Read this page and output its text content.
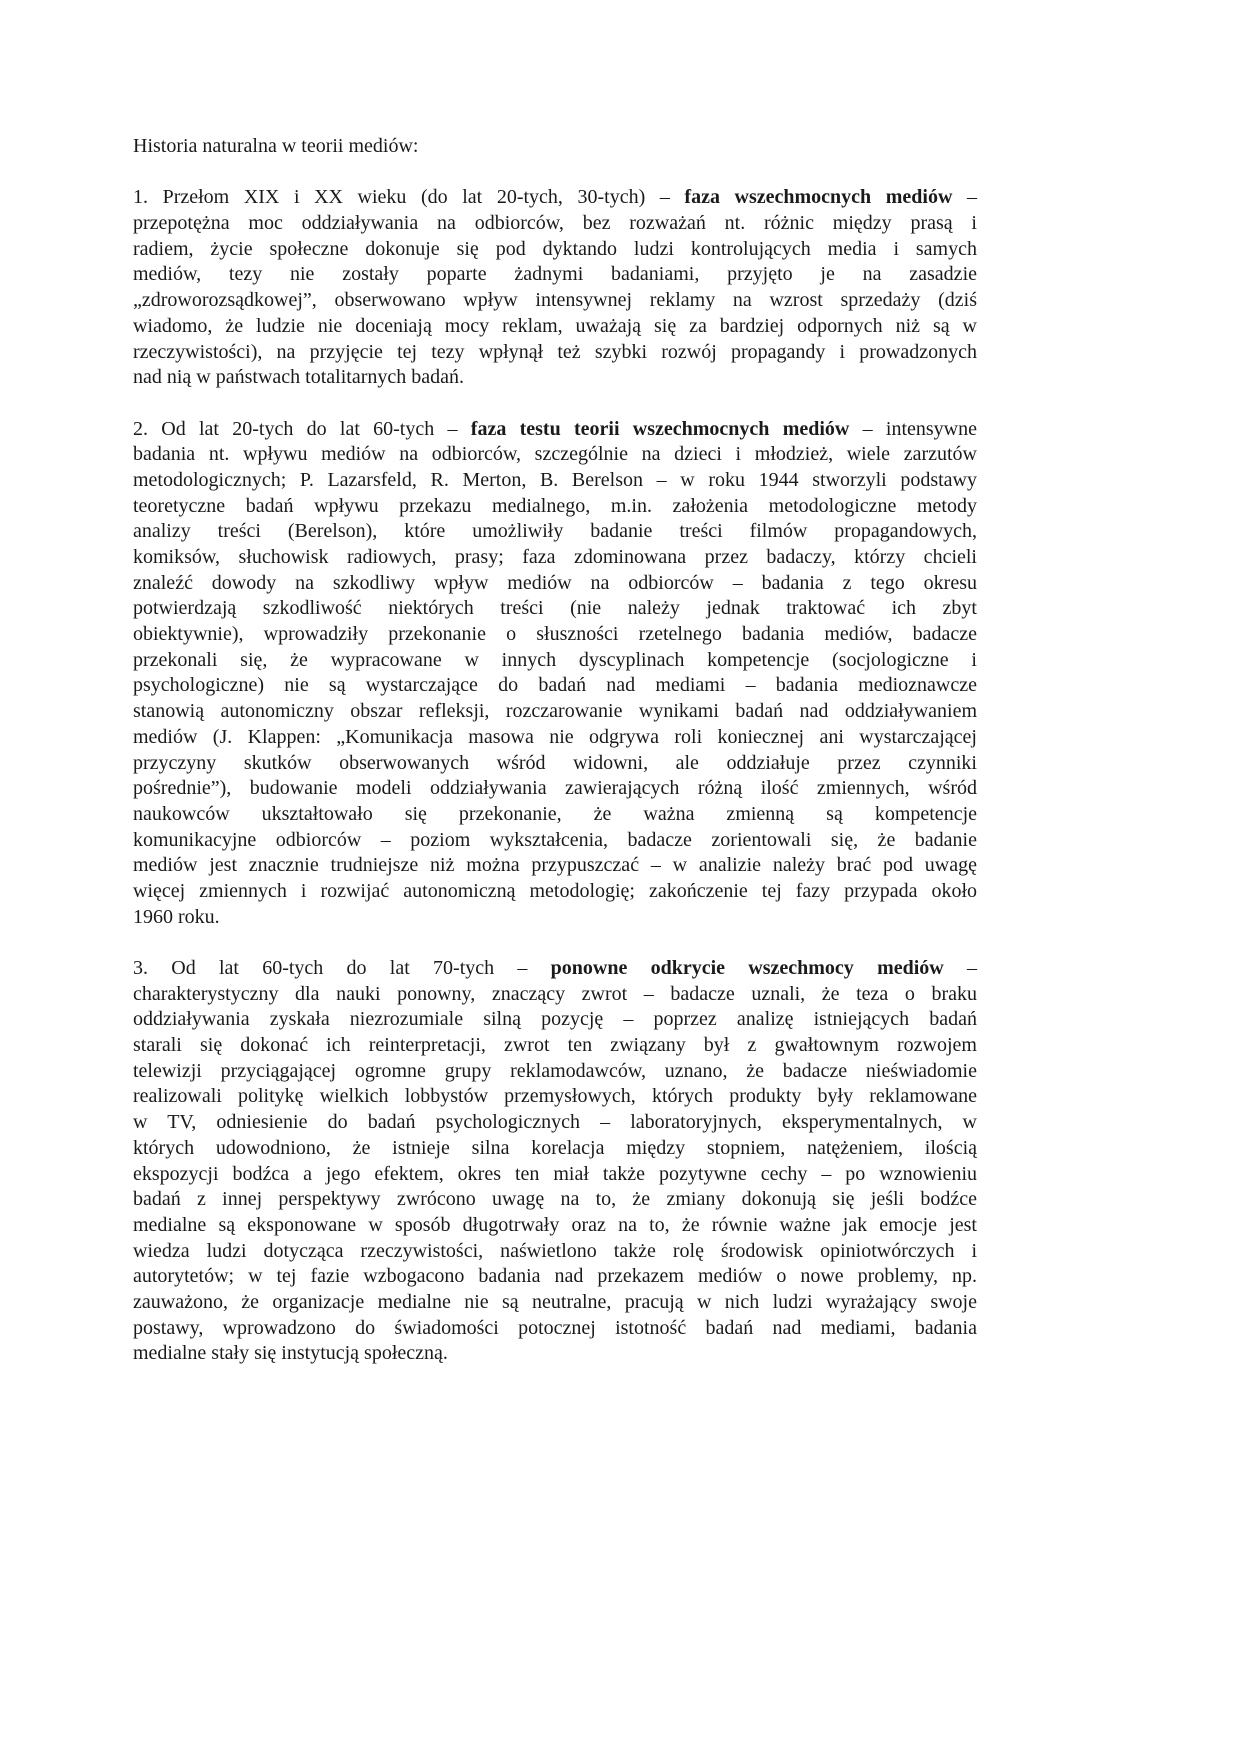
Historia naturalna w teorii mediów:
1. Przełom XIX i XX wieku (do lat 20-tych, 30-tych) – faza wszechmocnych mediów –
przepotężna moc oddziaływania na odbiorców, bez rozważań nt. różnic między prasą i
radiem, życie społeczne dokonuje się pod dyktando ludzi kontrolujących media i samych
mediów, tezy nie zostały poparte żadnymi badaniami, przyjęto je na zasadzie
„zdroworozsądkowej”, obserwowano wpływ intensywnej reklamy na wzrost sprzedaży (dziś
wiadomo, że ludzie nie doceniają mocy reklam, uważają się za bardziej odpornych niż są w
rzeczywistości), na przyjęcie tej tezy wpłynął też szybki rozwój propagandy i prowadzonych
nad nią w państwach totalitarnych badań.
2. Od lat 20-tych do lat 60-tych – faza testu teorii wszechmocnych mediów – intensywne
badania nt. wpływu mediów na odbiorców, szczególnie na dzieci i młodzież, wiele zarzutów
metodologicznych; P. Lazarsfeld, R. Merton, B. Berelson – w roku 1944 stworzyli podstawy
teoretyczne badań wpływu przekazu medialnego, m.in. założenia metodologiczne metody
analizy treści (Berelson), które umożliwiły badanie treści filmów propagandowych,
komiksów, słuchowisk radiowych, prasy; faza zdominowana przez badaczy, którzy chcieli
znaleźć dowody na szkodliwy wpływ mediów na odbiorców – badania z tego okresu
potwierdzają szkodliwość niektórych treści (nie należy jednak traktować ich zbyt
obiektywnie), wprowadziły przekonanie o słuszności rzetelnego badania mediów, badacze
przekonali się, że wypracowane w innych dyscyplinach kompetencje (socjologiczne i
psychologiczne) nie są wystarczające do badań nad mediami – badania medioznawcze
stanowią autonomiczny obszar refleksji, rozczarowanie wynikami badań nad oddziaływaniem
mediów (J. Klappen: „Komunikacja masowa nie odgrywa roli koniecznej ani wystarczającej
przyczyny skutków obserwowanych wśród widowni, ale oddziałuje przez czynniki
pośrednie”), budowanie modeli oddziaływania zawierających różną ilość zmiennych, wśród
naukowców ukształtowało się przekonanie, że ważna zmienną są kompetencje
komunikacyjne odbiorców – poziom wykształcenia, badacze zorientowali się, że badanie
mediów jest znacznie trudniejsze niż można przypuszczać – w analizie należy brać pod uwagę
więcej zmiennych i rozwijać autonomiczną metodologię; zakończenie tej fazy przypada około
1960 roku.
3. Od lat 60-tych do lat 70-tych – ponowne odkrycie wszechmocy mediów –
charakterystyczny dla nauki ponowny, znaczący zwrot – badacze uznali, że teza o braku
oddziaływania zyskała niezrozumiale silną pozycję – poprzez analizę istniejących badań
starali się dokonać ich reinterpretacji, zwrot ten związany był z gwałtownym rozwojem
telewizji przyciągającej ogromne grupy reklamodawców, uznano, że badacze nieświadomie
realizowali politykę wielkich lobbystów przemysłowych, których produkty były reklamowane
w TV, odniesienie do badań psychologicznych – laboratoryjnych, eksperymentalnych, w
których udowodniono, że istnieje silna korelacja między stopniem, natężeniem, ilością
ekspozycji bodźca a jego efektem, okres ten miał także pozytywne cechy – po wznowieniu
badań z innej perspektywy zwrócono uwagę na to, że zmiany dokonują się jeśli bodźce
medialne są eksponowane w sposób długotrwały oraz na to, że równie ważne jak emocje jest
wiedza ludzi dotycząca rzeczywistości, naświetlono także rolę środowisk opiniotwórczych i
autorytetów; w tej fazie wzbogacono badania nad przekazem mediów o nowe problemy, np.
zauważono, że organizacje medialne nie są neutralne, pracują w nich ludzi wyrażający swoje
postawy, wprowadzono do świadomości potocznej istotność badań nad mediami, badania
medialne stały się instytucją społeczną.
